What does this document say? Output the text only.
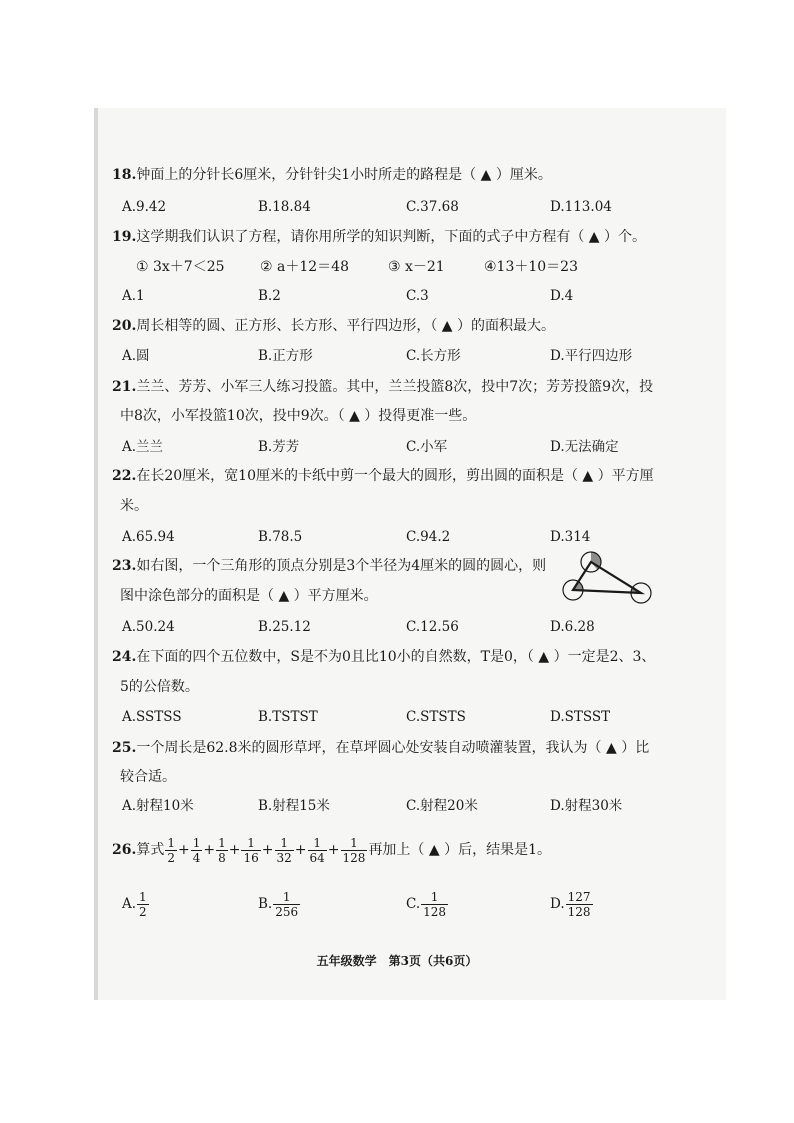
18.钟面上的分针长6厘米，分针针尖1小时所走的路程是（ ▲ ）厘米。
A.9.42	B.18.84	C.37.68	D.113.04
19.这学期我们认识了方程，请你用所学的知识判断，下面的式子中方程有（ ▲ ）个。
① 3x＋7＜25	② a＋12＝48	③ x－21	④13＋10＝23
A.1	B.2	C.3	D.4
20.周长相等的圆、正方形、长方形、平行四边形，（ ▲ ）的面积最大。
A.圆	B.正方形	C.长方形	D.平行四边形
21.兰兰、芳芳、小军三人练习投篮。其中，兰兰投篮8次，投中7次；芳芳投篮9次，投
中8次，小军投篮10次，投中9次。（ ▲ ）投得更准一些。
A.兰兰	B.芳芳	C.小军	D.无法确定
22.在长20厘米，宽10厘米的卡纸中剪一个最大的圆形，剪出圆的面积是（ ▲ ）平方厘
米。
A.65.94	B.78.5	C.94.2	D.314
23.如右图，一个三角形的顶点分别是3个半径为4厘米的圆的圆心，则
图中涂色部分的面积是（ ▲ ）平方厘米。
A.50.24	B.25.12	C.12.56	D.6.28
24.在下面的四个五位数中，S是不为0且比10小的自然数，T是0，（ ▲ ）一定是2、3、
5的公倍数。
A.SSTSS	B.TSTST	C.STSTS	D.STSST
25.一个周长是62.8米的圆形草坪，在草坪圆心处安装自动喷灌装置，我认为（ ▲ ）比
较合适。
A.射程10米	B.射程15米	C.射程20米	D.射程30米
26.算式 $\frac{1}{2} + \frac{1}{4} + \frac{1}{8} + \frac{1}{16} + \frac{1}{32} + \frac{1}{64} + \frac{1}{128}$ 再加上（ ▲ ）后，结果是1。
A. $\frac{1}{2}$	B. $\frac{1}{256}$	C. $\frac{1}{128}$	D. $\frac{127}{128}$
五年级数学　第3页（共6页）
